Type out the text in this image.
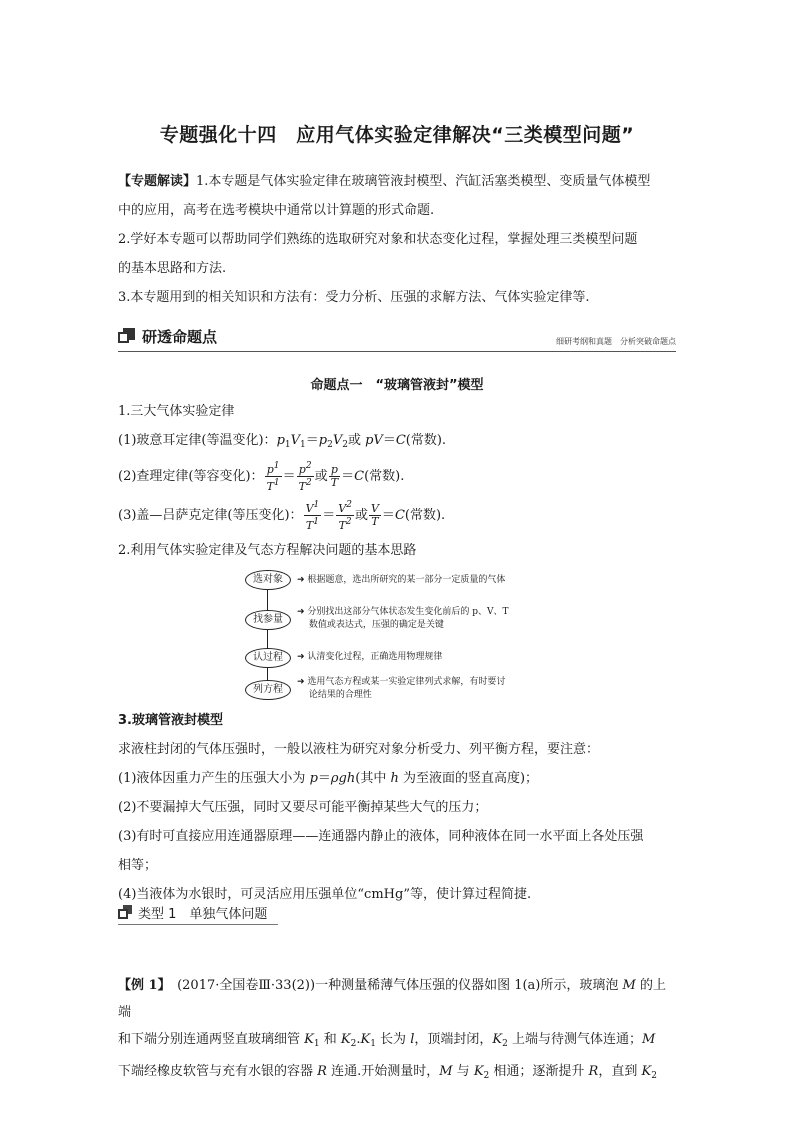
专题强化十四　应用气体实验定律解决“三类模型问题”

【专题解读】1.本专题是气体实验定律在玻璃管液封模型、汽缸活塞类模型、变质量气体模型

中的应用，高考在选考模块中通常以计算题的形式命题.

2.学好本专题可以帮助同学们熟练的选取研究对象和状态变化过程，掌握处理三类模型问题

的基本思路和方法.

3.本专题用到的相关知识和方法有：受力分析、压强的求解方法、气体实验定律等.

研透命题点	细研考纲和真题　分析突破命题点
命题点一　“玻璃管液封”模型

1.三大气体实验定律

(1)玻意耳定律(等温变化)：$p_1V_1=p_2V_2$或 pV＝C(常数).

(2)查理定律(等容变化)： $\frac{p^1}{T^1} = \frac{p^2}{T^2}$ 或 $\frac{p}{T} =C$(常数).

(3)盖—吕萨克定律(等压变化)： $\frac{V^1}{T^1} = \frac{V^2}{T^2}$ 或 $\frac{V}{T} =C$(常数).

2.利用气体实验定律及气态方程解决问题的基本思路

选对象	➜ 根据题意，选出所研究的某一部分一定质量的气体
找参量
➜ 分别找出这部分气体状态发生变化前后的 p、V、T
　 数值或表达式，压强的确定是关键
认过程	➜ 认清变化过程，正确选用物理规律
列方程
➜ 选用气态方程或某一实验定律列式求解，有时要讨
　 论结果的合理性

3.玻璃管液封模型

求液柱封闭的气体压强时，一般以液柱为研究对象分析受力、列平衡方程，要注意：

(1)液体因重力产生的压强大小为 p＝ρgh(其中 h 为至液面的竖直高度)；

(2)不要漏掉大气压强，同时又要尽可能平衡掉某些大气的压力；

(3)有时可直接应用连通器原理——连通器内静止的液体，同种液体在同一水平面上各处压强

相等；

(4)当液体为水银时，可灵活应用压强单位“cmHg”等，使计算过程简捷.

类型 1　单独气体问题

【例 1】　(2017·全国卷Ⅲ·33(2))一种测量稀薄气体压强的仪器如图 1(a)所示，玻璃泡 M 的上端

和下端分别连通两竖直玻璃细管 $K_1$ 和 $K_2.K_1$ 长为 l，顶端封闭，$K_2$ 上端与待测气体连通；M

下端经橡皮软管与充有水银的容器 R 连通.开始测量时，M 与 $K_2$ 相通；逐渐提升 R，直到 $K_2$
